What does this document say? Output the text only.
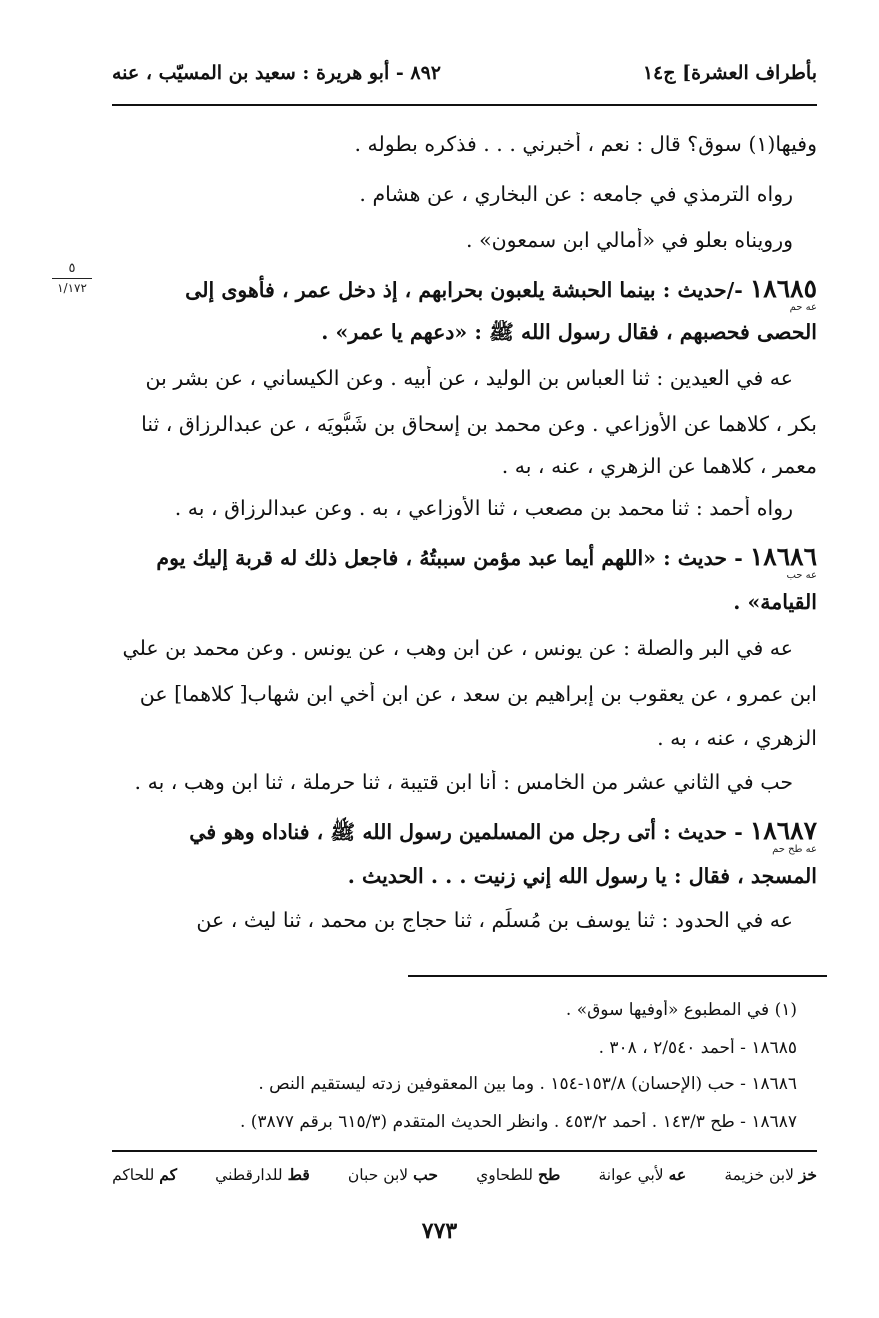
بأطراف العشرة] ج١٤
٨٩٢ - أبو هريرة : سعيد بن المسيّب ، عنه
٥
١/١٧٢
وفيها(١) سوق؟ قال : نعم ، أخبرني . . . فذكره بطوله .
رواه الترمذي في جامعه : عن البخاري ، عن هشام .
ورويناه بعلو في «أمالي ابن سمعون» .
١٨٦٨٥ -/حديث : بينما الحبشة يلعبون بحرابهم ، إذ دخل عمر ، فأهوى إلى
عه حم
الحصى فحصبهم ، فقال رسول الله ﷺ : «دعهم يا عمر» .
عه في العيدين : ثنا العباس بن الوليد ، عن أبيه . وعن الكيساني ، عن بشر بن
بكر ، كلاهما عن الأوزاعي . وعن محمد بن إسحاق بن شَبُّويَه ، عن عبدالرزاق ، ثنا
معمر ، كلاهما عن الزهري ، عنه ، به .
رواه أحمد : ثنا محمد بن مصعب ، ثنا الأوزاعي ، به . وعن عبدالرزاق ، به .
١٨٦٨٦ - حديث : «اللهم أيما عبد مؤمن سببتُهُ ، فاجعل ذلك له قربة إليك يوم
عه حب
القيامة» .
عه في البر والصلة : عن يونس ، عن ابن وهب ، عن يونس . وعن محمد بن علي
ابن عمرو ، عن يعقوب بن إبراهيم بن سعد ، عن ابن أخي ابن شهاب[ كلاهما] عن
الزهري ، عنه ، به .
حب في الثاني عشر من الخامس : أنا ابن قتيبة ، ثنا حرملة ، ثنا ابن وهب ، به .
١٨٦٨٧ - حديث : أتى رجل من المسلمين رسول الله ﷺ ، فناداه وهو في
عه طح حم
المسجد ، فقال : يا رسول الله إني زنيت . . . الحديث .
عه في الحدود : ثنا يوسف بن مُسلِّم ، ثنا حجاج بن محمد ، ثنا ليث ، عن
(١) في المطبوع «أوفيها سوق» .
١٨٦٨٥ - أحمد ٢/٥٤٠ ، ٣٠٨ .
١٨٦٨٦ - حب (الإحسان) ١٥٣/٨-١٥٤ . وما بين المعقوفين زدته ليستقيم النص .
١٨٦٨٧ - طح ١٤٣/٣ . أحمد ٤٥٣/٢ . وانظر الحديث المتقدم (٦١٥/٣ برقم ٣٨٧٧) .
خز لابن خزيمة
عه لأبي عوانة
طح للطحاوي
حب لابن حبان
قط للدارقطني
كم للحاكم
٧٧٣
